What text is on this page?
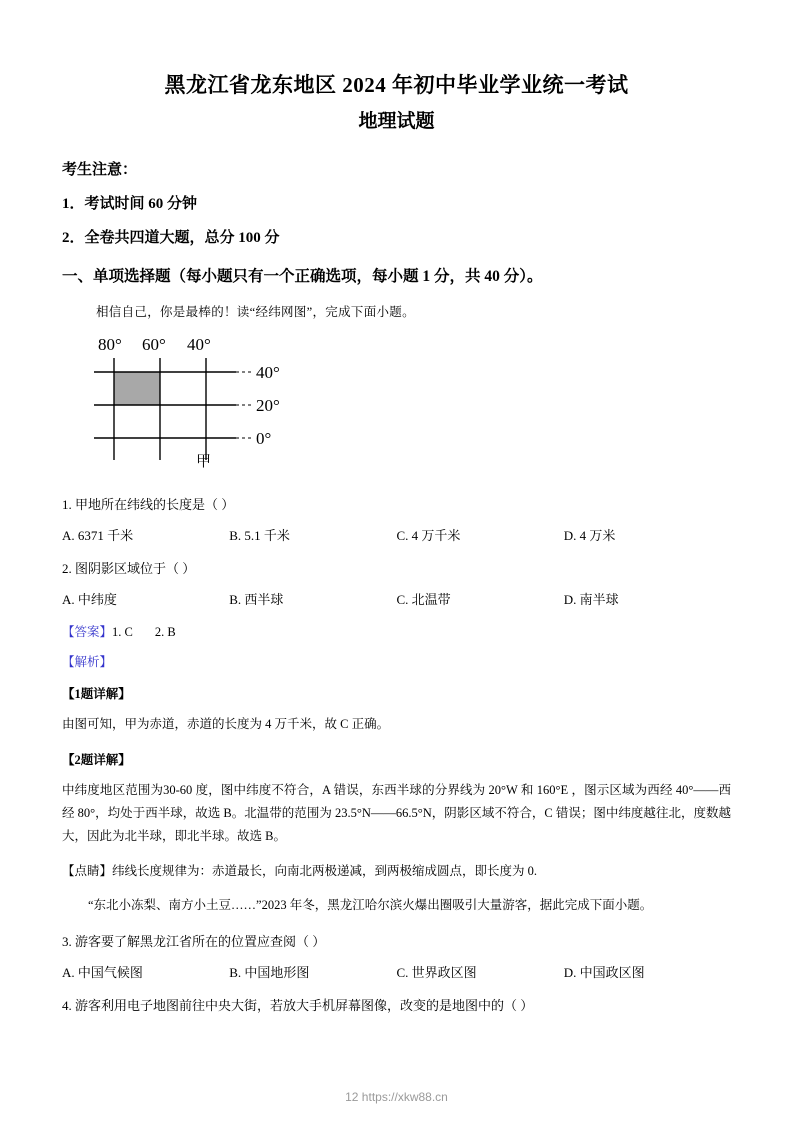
黑龙江省龙东地区 2024 年初中毕业学业统一考试
地理试题
考生注意：
1．考试时间 60 分钟
2．全卷共四道大题，总分 100 分
一、单项选择题（每小题只有一个正确选项，每小题 1 分，共 40 分）。
相信自己，你是最棒的！读“经纬网图”，完成下面小题。
80° 60° 40°
40°
20°
0°
甲
1. 甲地所在纬线的长度是（ ）
A. 6371 千米	B. 5.1 千米	C. 4 万千米	D. 4 万米
2. 图阴影区域位于（ ）
A. 中纬度	B. 西半球	C. 北温带	D. 南半球
【答案】1. C 2. B
【解析】
【1题详解】
由图可知，甲为赤道，赤道的长度为 4 万千米，故 C 正确。
【2题详解】
中纬度地区范围为30-60 度，图中纬度不符合，A 错误，东西半球的分界线为 20°W 和 160°E ，图示区域为西经 40°——西经 80°，均处于西半球，故选 B。北温带的范围为 23.5°N——66.5°N，阴影区域不符合，C 错误；图中纬度越往北，度数越大，因此为北半球，即北半球。故选 B。
【点睛】纬线长度规律为：赤道最长，向南北两极递减，到两极缩成圆点，即长度为 0.
“东北小冻梨、南方小土豆……”2023 年冬，黑龙江哈尔滨火爆出圈吸引大量游客，据此完成下面小题。
3. 游客要了解黑龙江省所在的位置应查阅（ ）
A. 中国气候图	B. 中国地形图	C. 世界政区图	D. 中国政区图
4. 游客利用电子地图前往中央大街，若放大手机屏幕图像，改变的是地图中的（ ）
12 https://xkw88.cn
